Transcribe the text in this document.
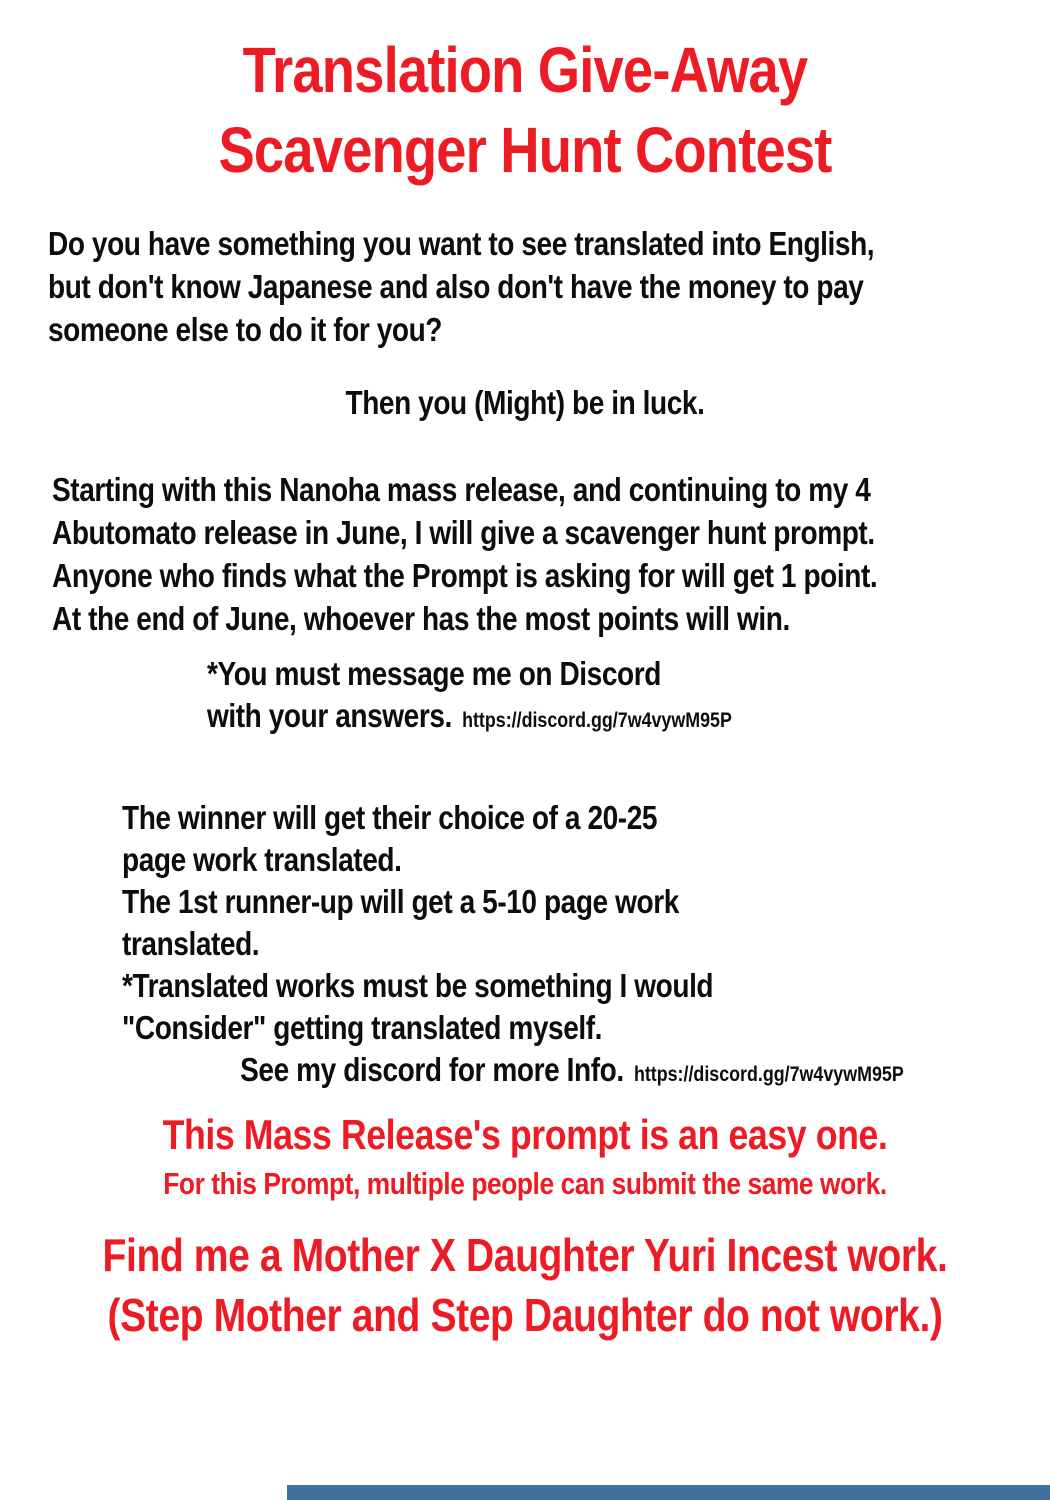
Translation Give-Away
Scavenger Hunt Contest
Do you have something you want to see translated into English,
but don't know Japanese and also don't have the money to pay
someone else to do it for you?
Then you (Might) be in luck.
Starting with this Nanoha mass release, and continuing to my 4
Abutomato release in June, I will give a scavenger hunt prompt.
Anyone who finds what the Prompt is asking for will get 1 point.
At the end of June, whoever has the most points will win.
*You must message me on Discord
with your answers. https://discord.gg/7w4vywM95P
The winner will get their choice of a 20-25
page work translated.
The 1st runner-up will get a 5-10 page work
translated.
*Translated works must be something I would
"Consider" getting translated myself.
See my discord for more Info. https://discord.gg/7w4vywM95P
This Mass Release's prompt is an easy one.
For this Prompt, multiple people can submit the same work.
Find me a Mother X Daughter Yuri Incest work.
(Step Mother and Step Daughter do not work.)
